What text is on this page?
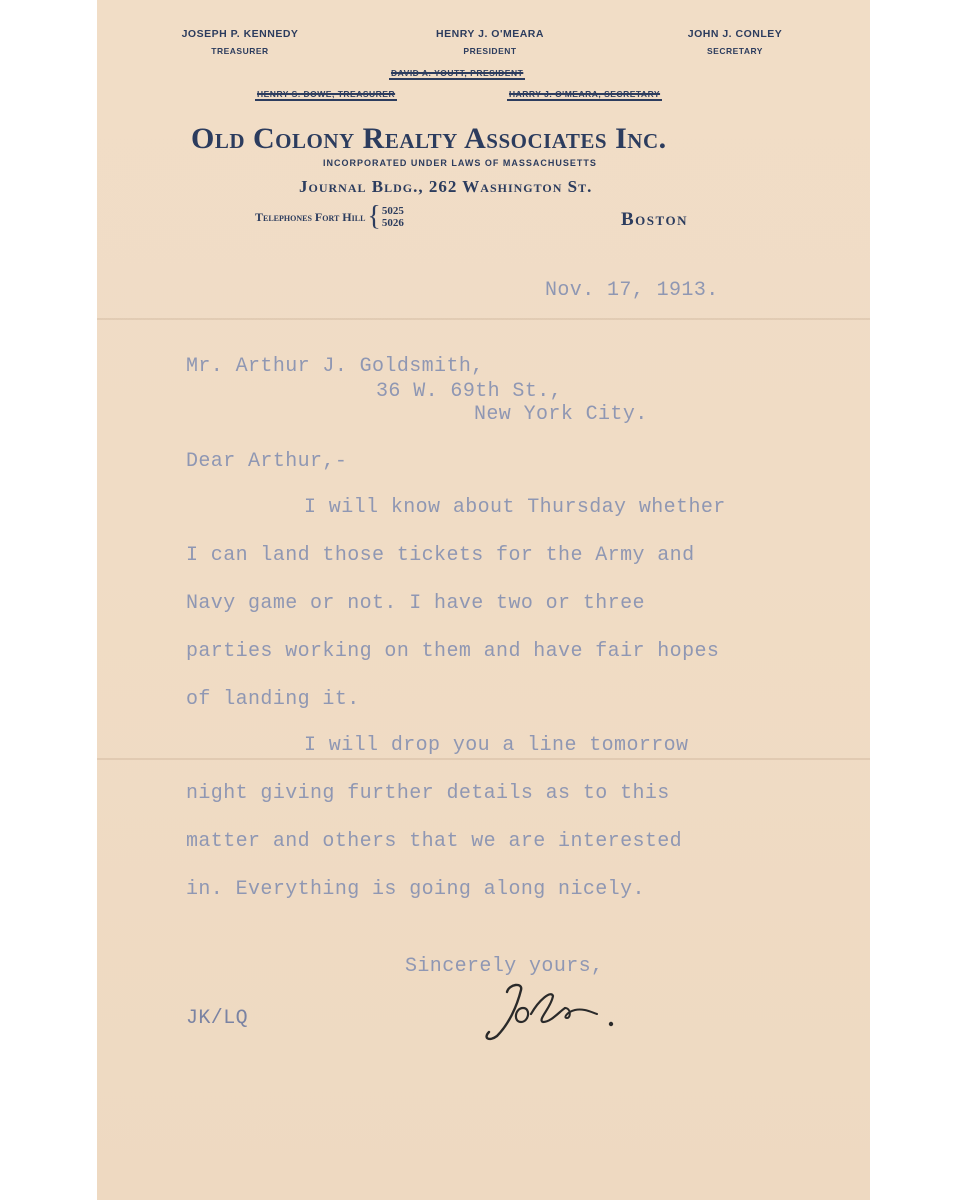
JOSEPH P. KENNEDY
TREASURER
HENRY J. O'MEARA
PRESIDENT
JOHN J. CONLEY
SECRETARY
DAVID A. YOUTT, PRESIDENT
HENRY S. DOWE, TREASURER	HARRY J. O'MEARA, SECRETARY
Old Colony Realty Associates Inc.
INCORPORATED UNDER LAWS OF MASSACHUSETTS
Journal Bldg., 262 Washington St.
Telephones Fort Hill { 5025
5026	Boston
Nov. 17, 1913.
Mr. Arthur J. Goldsmith,
36 W. 69th St.,
New York City.
Dear Arthur,-
I will know about Thursday whether
I can land those tickets for the Army and
Navy game or not. I have two or three
parties working on them and have fair hopes
of landing it.
I will drop you a line tomorrow
night giving further details as to this
matter and others that we are interested
in. Everything is going along nicely.
Sincerely yours,
JK/LQ
